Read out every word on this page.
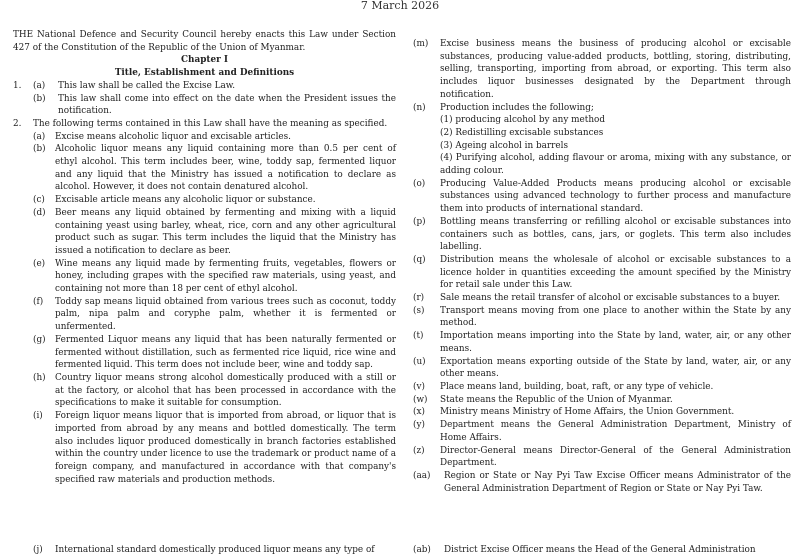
7 March 2026

THE National Defence and Security Council hereby enacts this Law under Section 427 of the Constitution of the Republic of the Union of Myanmar.

Chapter I

Title, Establishment and Definitions

1. (a) This law shall be called the Excise Law.
(b) This law shall come into effect on the date when the President issues the notification.
2. The following terms contained in this Law shall have the meaning as specified.
(a) Excise means alcoholic liquor and excisable articles.
(b) Alcoholic liquor means any liquid containing more than 0.5 per cent of ethyl alcohol. This term includes beer, wine, toddy sap, fermented liquor and any liquid that the Ministry has issued a notification to declare as alcohol. However, it does not contain denatured alcohol.
(c) Excisable article means any alcoholic liquor or substance.
(d) Beer means any liquid obtained by fermenting and mixing with a liquid containing yeast using barley, wheat, rice, corn and any other agricultural product such as sugar. This term includes the liquid that the Ministry has issued a notification to declare as beer.
(e) Wine means any liquid made by fermenting fruits, vegetables, flowers or honey, including grapes with the specified raw materials, using yeast, and containing not more than 18 per cent of ethyl alcohol.
(f) Toddy sap means liquid obtained from various trees such as coconut, toddy palm, nipa palm and coryphe palm, whether it is fermented or unfermented.
(g) Fermented Liquor means any liquid that has been naturally fermented or fermented without distillation, such as fermented rice liquid, rice wine and fermented liquid. This term does not include beer, wine and toddy sap.
(h) Country liquor means strong alcohol domestically produced with a still or at the factory, or alcohol that has been processed in accordance with the specifications to make it suitable for consumption.
(i) Foreign liquor means liquor that is imported from abroad, or liquor that is imported from abroad by any means and bottled domestically. The term also includes liquor produced domestically in branch factories established within the country under licence to use the trademark or product name of a foreign company, and manufactured in accordance with that company's specified raw materials and production methods.
(j) International standard domestically produced liquor means any type of
(m) Excise business means the business of producing alcohol or excisable substances, producing value-added products, bottling, storing, distributing, selling, transporting, importing from abroad, or exporting. This term also includes liquor businesses designated by the Department through notification.
(n) Production includes the following;

(1) producing alcohol by any method

(2) Redistilling excisable substances

(3) Ageing alcohol in barrels

(4) Purifying alcohol, adding flavour or aroma, mixing with any substance, or adding colour.

(o) Producing Value-Added Products means producing alcohol or excisable substances using advanced technology to further process and manufacture them into products of international standard.
(p) Bottling means transferring or refilling alcohol or excisable substances into containers such as bottles, cans, jars, or goglets. This term also includes labelling.
(q) Distribution means the wholesale of alcohol or excisable substances to a licence holder in quantities exceeding the amount specified by the Ministry for retail sale under this Law.
(r) Sale means the retail transfer of alcohol or excisable substances to a buyer.
(s) Transport means moving from one place to another within the State by any method.
(t) Importation means importing into the State by land, water, air, or any other means.
(u) Exportation means exporting outside of the State by land, water, air, or any other means.
(v) Place means land, building, boat, raft, or any type of vehicle.
(w) State means the Republic of the Union of Myanmar.
(x) Ministry means Ministry of Home Affairs, the Union Government.
(y) Department means the General Administration Department, Ministry of Home Affairs.
(z) Director-General means Director-General of the General Administration Department.
(aa) Region or State or Nay Pyi Taw Excise Officer means Administrator of the General Administration Department of Region or State or Nay Pyi Taw.
(ab) District Excise Officer means the Head of the General Administration
